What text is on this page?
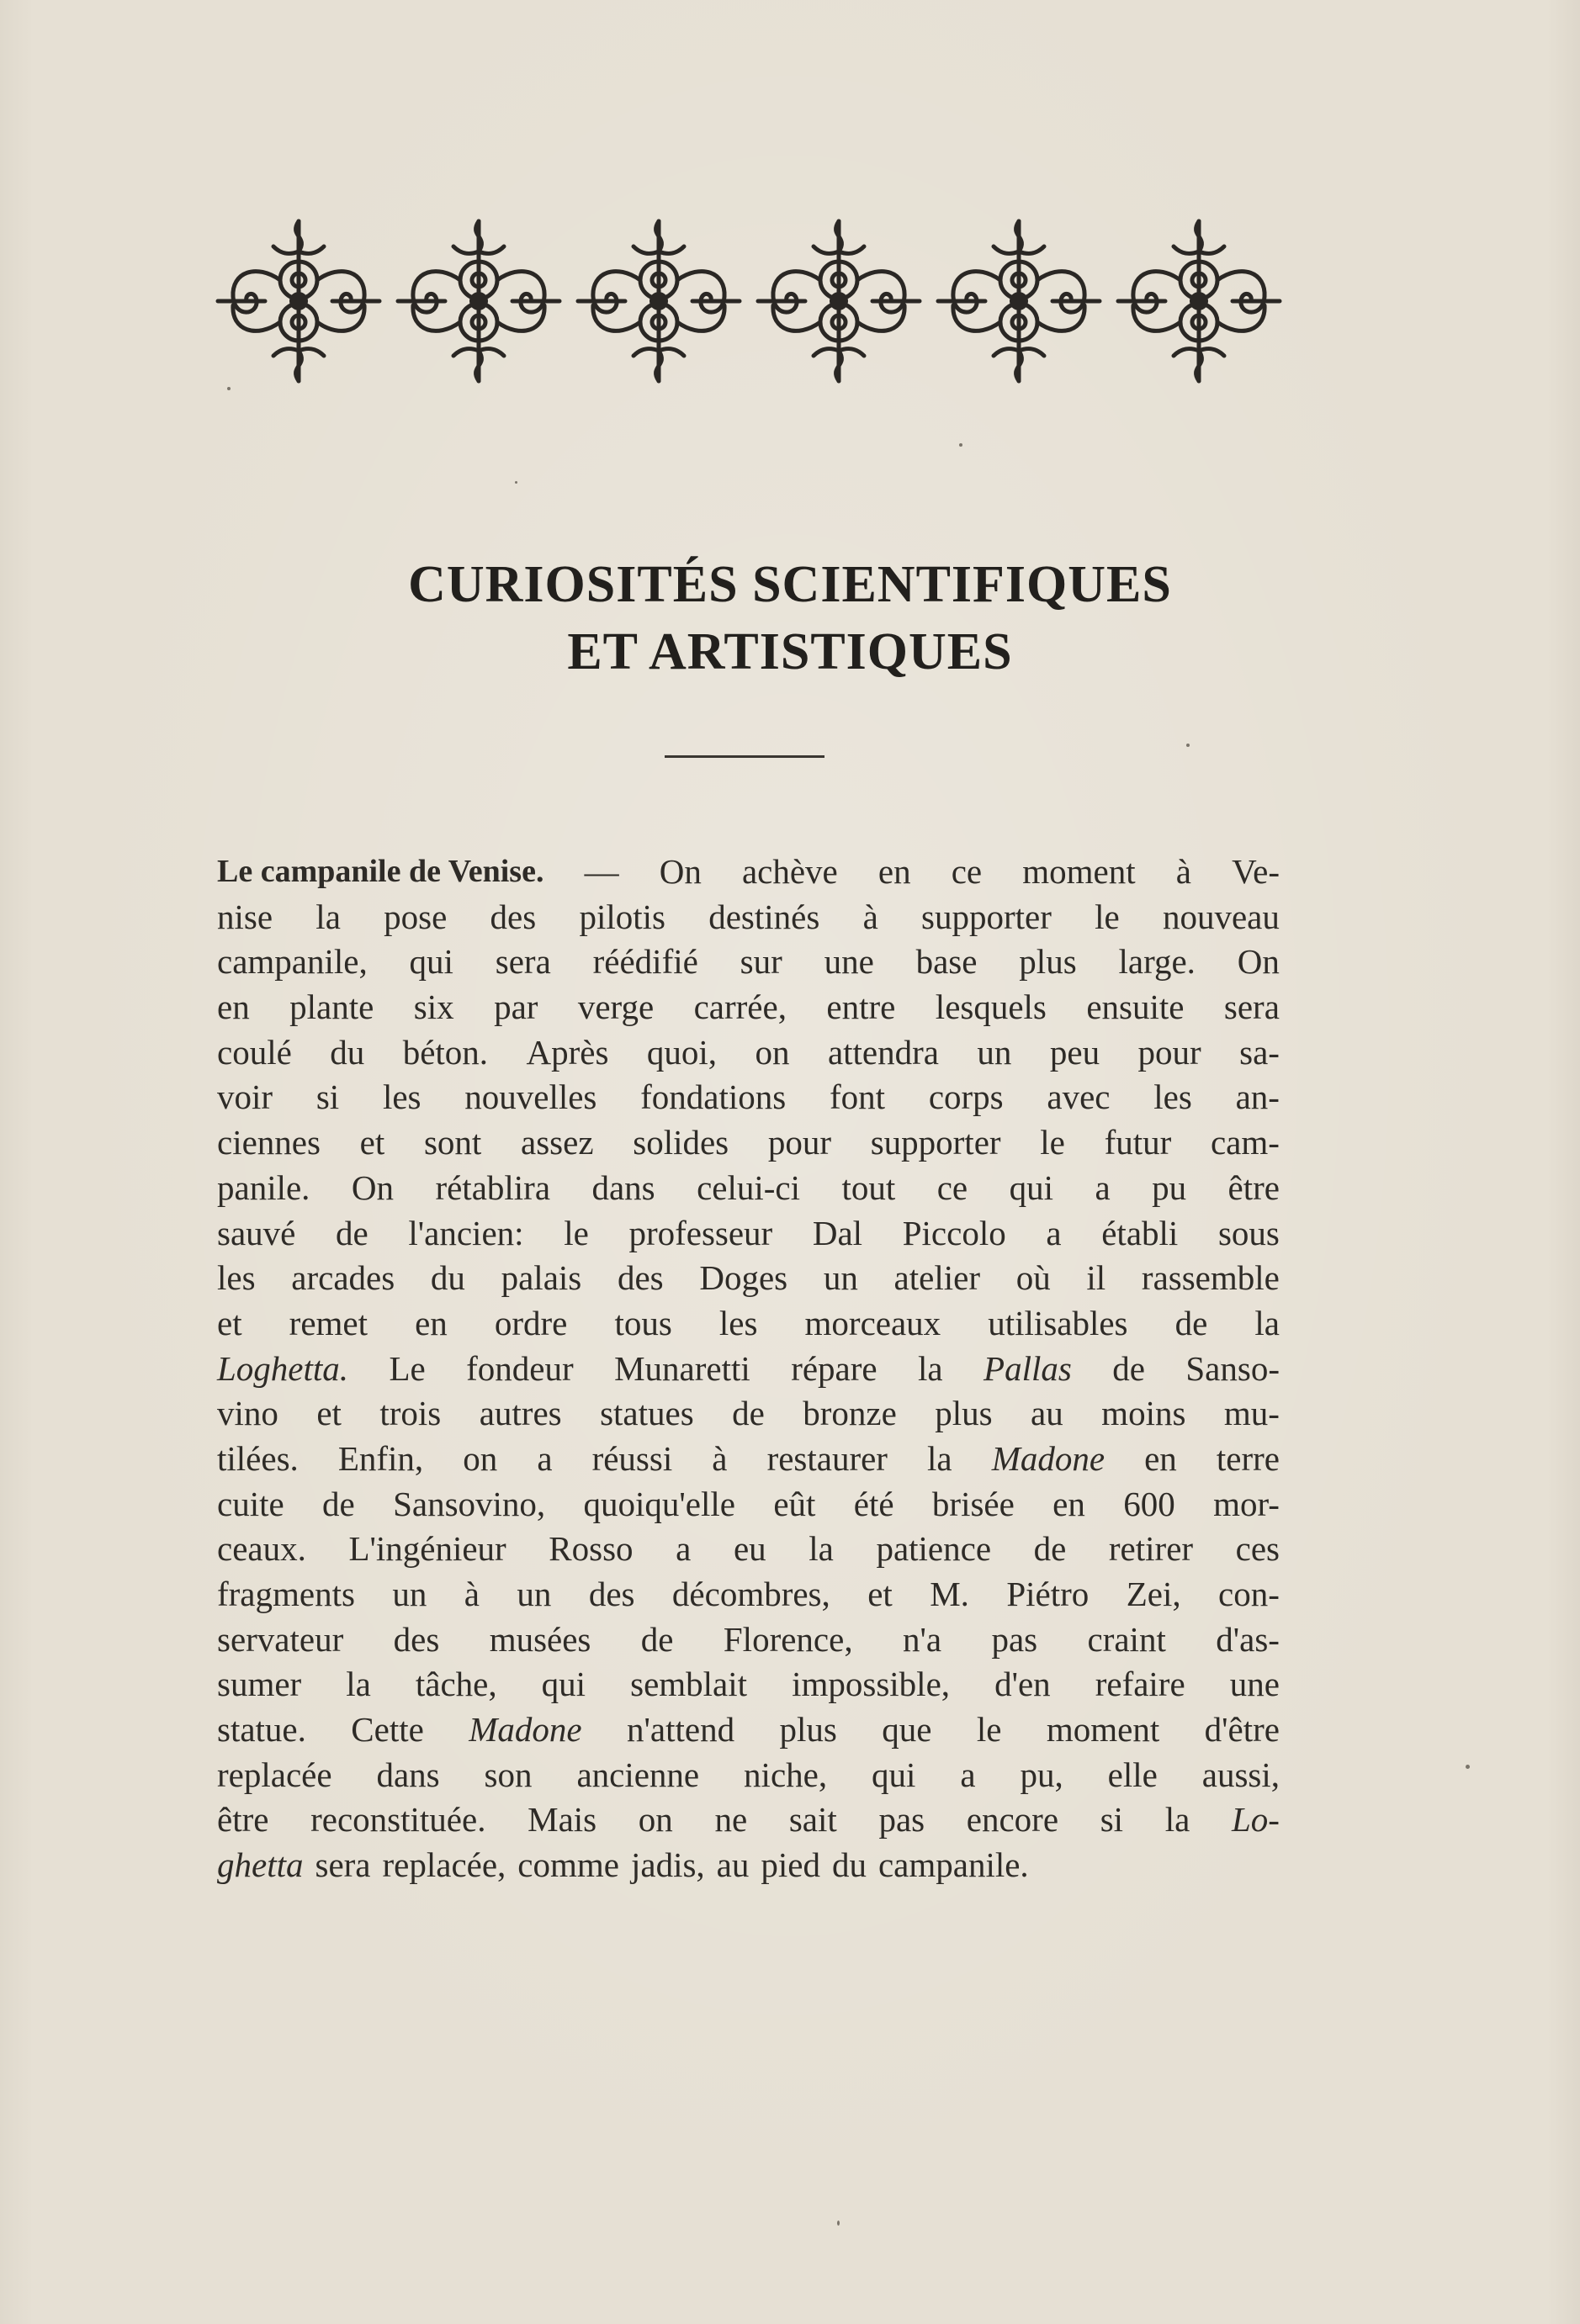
CURIOSITÉS SCIENTIFIQUES
ET ARTISTIQUES
Le campanile de Venise. — On achève en ce moment à Ve-
nise la pose des pilotis destinés à supporter le nouveau
campanile, qui sera réédifié sur une base plus large. On
en plante six par verge carrée, entre lesquels ensuite sera
coulé du béton. Après quoi, on attendra un peu pour sa-
voir si les nouvelles fondations font corps avec les an-
ciennes et sont assez solides pour supporter le futur cam-
panile. On rétablira dans celui-ci tout ce qui a pu être
sauvé de l'ancien: le professeur Dal Piccolo a établi sous
les arcades du palais des Doges un atelier où il rassemble
et remet en ordre tous les morceaux utilisables de la
Loghetta. Le fondeur Munaretti répare la Pallas de Sanso-
vino et trois autres statues de bronze plus au moins mu-
tilées. Enfin, on a réussi à restaurer la Madone en terre
cuite de Sansovino, quoiqu'elle eût été brisée en 600 mor-
ceaux. L'ingénieur Rosso a eu la patience de retirer ces
fragments un à un des décombres, et M. Piétro Zei, con-
servateur des musées de Florence, n'a pas craint d'as-
sumer la tâche, qui semblait impossible, d'en refaire une
statue. Cette Madone n'attend plus que le moment d'être
replacée dans son ancienne niche, qui a pu, elle aussi,
être reconstituée. Mais on ne sait pas encore si la Lo-
ghetta sera replacée, comme jadis, au pied du campanile.
